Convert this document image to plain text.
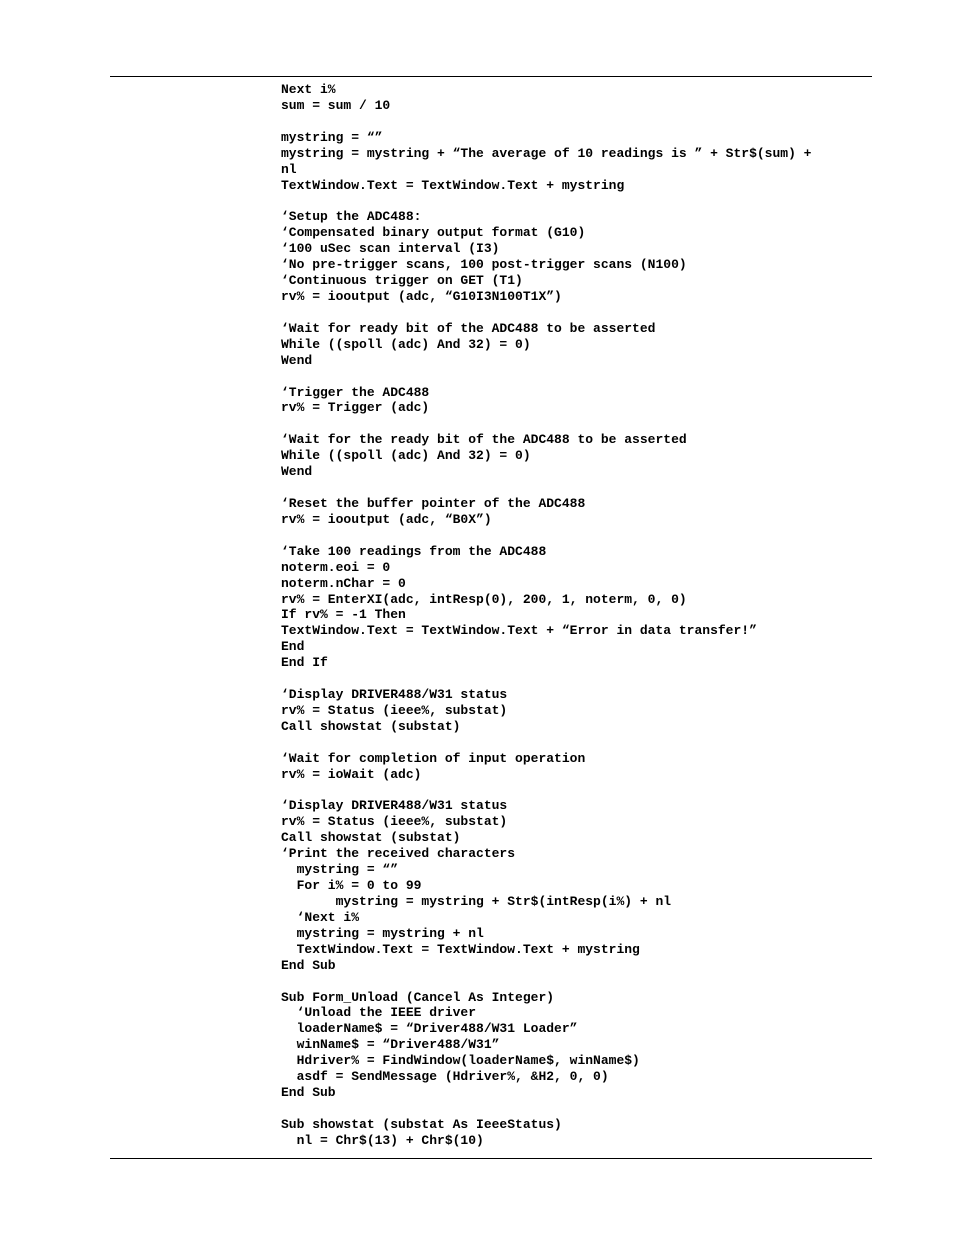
Next i%
sum = sum / 10
mystring = “”
mystring = mystring + “The average of 10 readings is ” + Str$(sum) +
nl
TextWindow.Text = TextWindow.Text + mystring
‘Setup the ADC488:
‘Compensated binary output format (G10)
‘100 uSec scan interval (I3)
‘No pre-trigger scans, 100 post-trigger scans (N100)
‘Continuous trigger on GET (T1)
rv% = iooutput (adc, “G10I3N100T1X”)
‘Wait for ready bit of the ADC488 to be asserted
While ((spoll (adc) And 32) = 0)
Wend
‘Trigger the ADC488
rv% = Trigger (adc)
‘Wait for the ready bit of the ADC488 to be asserted
While ((spoll (adc) And 32) = 0)
Wend
‘Reset the buffer pointer of the ADC488
rv% = iooutput (adc, “B0X”)
‘Take 100 readings from the ADC488
noterm.eoi = 0
noterm.nChar = 0
rv% = EnterXI(adc, intResp(0), 200, 1, noterm, 0, 0)
If rv% = -1 Then
TextWindow.Text = TextWindow.Text + “Error in data transfer!”
End
End If
‘Display DRIVER488/W31 status
rv% = Status (ieee%, substat)
Call showstat (substat)
‘Wait for completion of input operation
rv% = ioWait (adc)
‘Display DRIVER488/W31 status
rv% = Status (ieee%, substat)
Call showstat (substat)
‘Print the received characters
mystring = “”
For i% = 0 to 99
mystring = mystring + Str$(intResp(i%) + nl
‘Next i%
mystring = mystring + nl
TextWindow.Text = TextWindow.Text + mystring
End Sub
Sub Form_Unload (Cancel As Integer)
‘Unload the IEEE driver
loaderName$ = “Driver488/W31 Loader”
winName$ = “Driver488/W31”
Hdriver% = FindWindow(loaderName$, winName$)
asdf = SendMessage (Hdriver%, &H2, 0, 0)
End Sub
Sub showstat (substat As IeeeStatus)
nl = Chr$(13) + Chr$(10)
